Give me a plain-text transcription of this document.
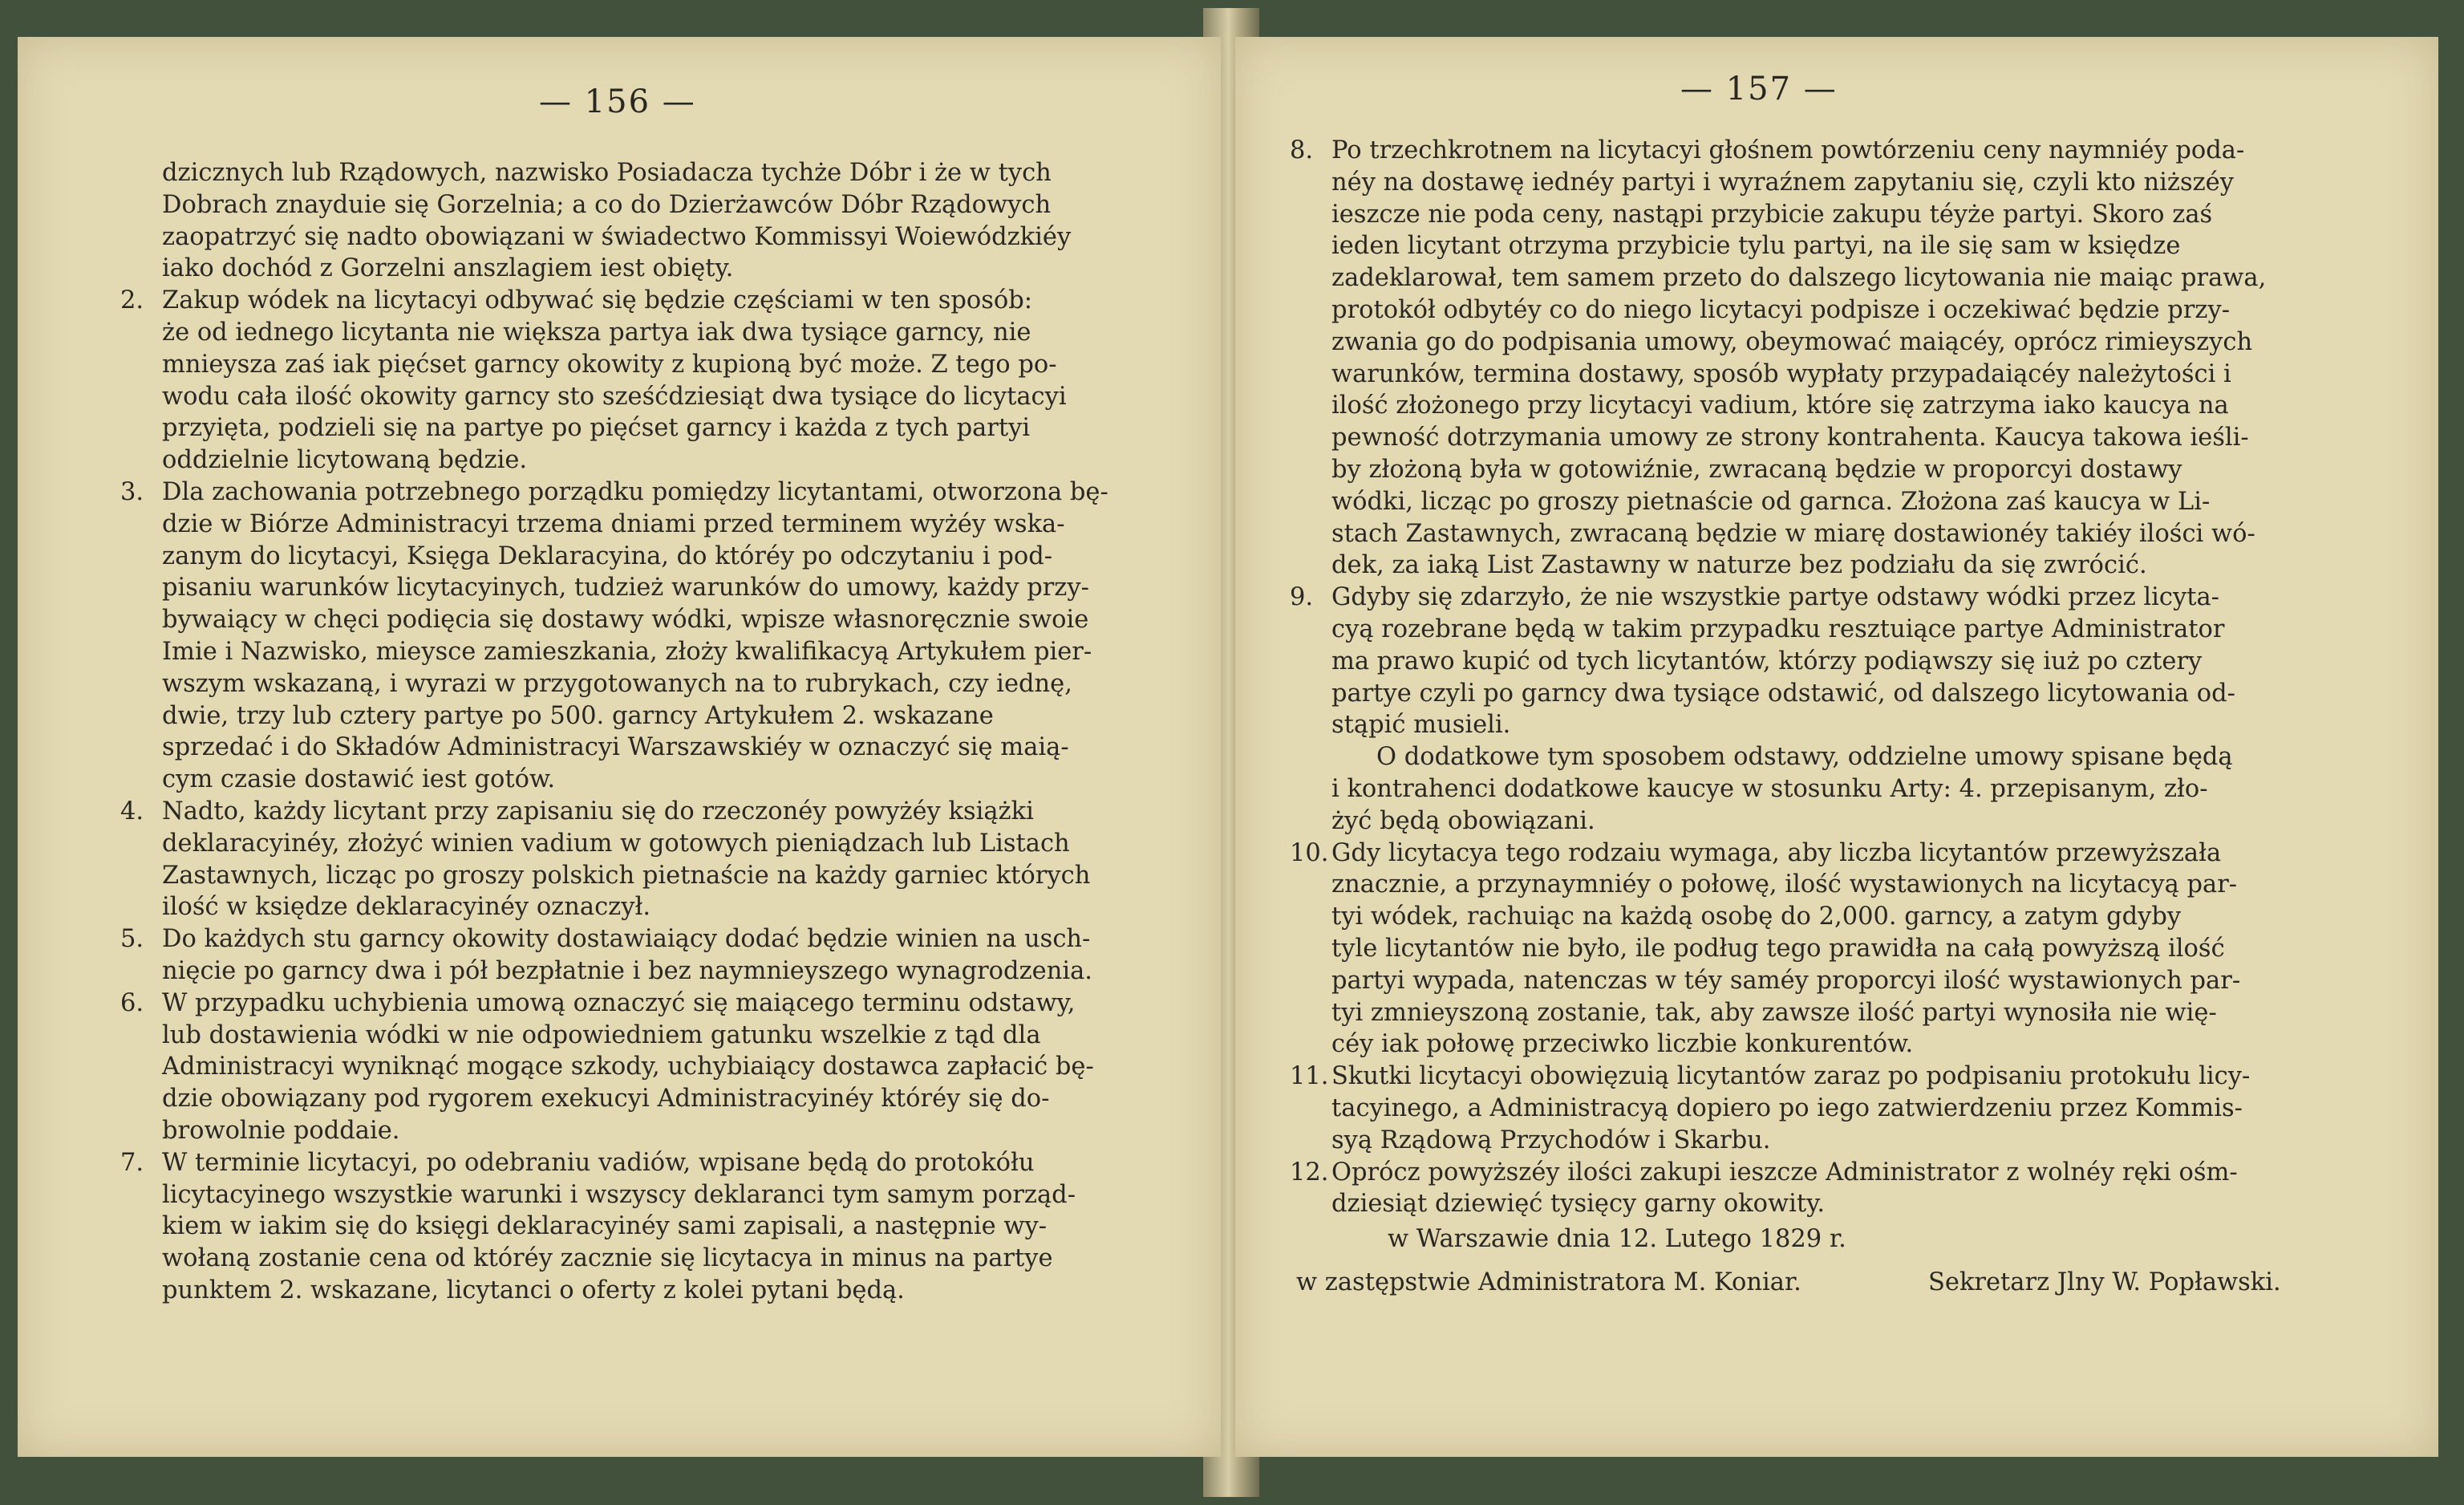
— 156 —
dzicznych lub Rządowych, nazwisko Posiadacza tychże Dóbr i że w tych
Dobrach znayduie się Gorzelnia; a co do Dzierżawców Dóbr Rządowych
zaopatrzyć się nadto obowiązani w świadectwo Kommissyi Woiewódzkiéy
iako dochód z Gorzelni anszlagiem iest obięty.
2. Zakup wódek na licytacyi odbywać się będzie częściami w ten sposób:
że od iednego licytanta nie większa partya iak dwa tysiące garncy, nie
mnieysza zaś iak pięćset garncy okowity z kupioną być może. Z tego po-
wodu cała ilość okowity garncy sto sześćdziesiąt dwa tysiące do licytacyi
przyięta, podzieli się na partye po pięćset garncy i każda z tych partyi
oddzielnie licytowaną będzie.
3. Dla zachowania potrzebnego porządku pomiędzy licytantami, otworzona bę-
dzie w Biórze Administracyi trzema dniami przed terminem wyżéy wska-
zanym do licytacyi, Księga Deklaracyina, do któréy po odczytaniu i pod-
pisaniu warunków licytacyinych, tudzież warunków do umowy, każdy przy-
bywaiący w chęci podięcia się dostawy wódki, wpisze własnoręcznie swoie
Imie i Nazwisko, mieysce zamieszkania, złoży kwalifikacyą Artykułem pier-
wszym wskazaną, i wyrazi w przygotowanych na to rubrykach, czy iednę,
dwie, trzy lub cztery partye po 500. garncy Artykułem 2. wskazane
sprzedać i do Składów Administracyi Warszawskiéy w oznaczyć się maią-
cym czasie dostawić iest gotów.
4. Nadto, każdy licytant przy zapisaniu się do rzeczonéy powyżéy książki
deklaracyinéy, złożyć winien vadium w gotowych pieniądzach lub Listach
Zastawnych, licząc po groszy polskich pietnaście na każdy garniec których
ilość w księdze deklaracyinéy oznaczył.
5. Do każdych stu garncy okowity dostawiaiący dodać będzie winien na usch-
nięcie po garncy dwa i pół bezpłatnie i bez naymnieyszego wynagrodzenia.
6. W przypadku uchybienia umową oznaczyć się maiącego terminu odstawy,
lub dostawienia wódki w nie odpowiedniem gatunku wszelkie z tąd dla
Administracyi wyniknąć mogące szkody, uchybiaiący dostawca zapłacić bę-
dzie obowiązany pod rygorem exekucyi Administracyinéy któréy się do-
browolnie poddaie.
7. W terminie licytacyi, po odebraniu vadiów, wpisane będą do protokółu
licytacyinego wszystkie warunki i wszyscy deklaranci tym samym porząd-
kiem w iakim się do księgi deklaracyinéy sami zapisali, a następnie wy-
wołaną zostanie cena od któréy zacznie się licytacya in minus na partye
punktem 2. wskazane, licytanci o oferty z kolei pytani będą.
— 157 —
8. Po trzechkrotnem na licytacyi głośnem powtórzeniu ceny naymniéy poda-
néy na dostawę iednéy partyi i wyraźnem zapytaniu się, czyli kto niższéy
ieszcze nie poda ceny, nastąpi przybicie zakupu téyże partyi. Skoro zaś
ieden licytant otrzyma przybicie tylu partyi, na ile się sam w księdze
zadeklarował, tem samem przeto do dalszego licytowania nie maiąc prawa,
protokół odbytéy co do niego licytacyi podpisze i oczekiwać będzie przy-
zwania go do podpisania umowy, obeymować maiącéy, oprócz rimieyszych
warunków, termina dostawy, sposób wypłaty przypadaiącéy należytości i
ilość złożonego przy licytacyi vadium, które się zatrzyma iako kaucya na
pewność dotrzymania umowy ze strony kontrahenta. Kaucya takowa ieśli-
by złożoną była w gotowiźnie, zwracaną będzie w proporcyi dostawy
wódki, licząc po groszy pietnaście od garnca. Złożona zaś kaucya w Li-
stach Zastawnych, zwracaną będzie w miarę dostawionéy takiéy ilości wó-
dek, za iaką List Zastawny w naturze bez podziału da się zwrócić.
9. Gdyby się zdarzyło, że nie wszystkie partye odstawy wódki przez licyta-
cyą rozebrane będą w takim przypadku resztuiące partye Administrator
ma prawo kupić od tych licytantów, którzy podiąwszy się iuż po cztery
partye czyli po garncy dwa tysiące odstawić, od dalszego licytowania od-
stąpić musieli.
O dodatkowe tym sposobem odstawy, oddzielne umowy spisane będą
i kontrahenci dodatkowe kaucye w stosunku Arty: 4. przepisanym, zło-
żyć będą obowiązani.
10. Gdy licytacya tego rodzaiu wymaga, aby liczba licytantów przewyższała
znacznie, a przynaymniéy o połowę, ilość wystawionych na licytacyą par-
tyi wódek, rachuiąc na każdą osobę do 2,000. garncy, a zatym gdyby
tyle licytantów nie było, ile podług tego prawidła na całą powyższą ilość
partyi wypada, natenczas w téy saméy proporcyi ilość wystawionych par-
tyi zmnieyszoną zostanie, tak, aby zawsze ilość partyi wynosiła nie wię-
céy iak połowę przeciwko liczbie konkurentów.
11. Skutki licytacyi obowięzuią licytantów zaraz po podpisaniu protokułu licy-
tacyinego, a Administracyą dopiero po iego zatwierdzeniu przez Kommis-
syą Rządową Przychodów i Skarbu.
12. Oprócz powyższéy ilości zakupi ieszcze Administrator z wolnéy ręki ośm-
dziesiąt dziewięć tysięcy garny okowity.
w Warszawie dnia 12. Lutego 1829 r.
w zastępstwie Administratora M. Koniar.	Sekretarz Jlny W. Popławski.
